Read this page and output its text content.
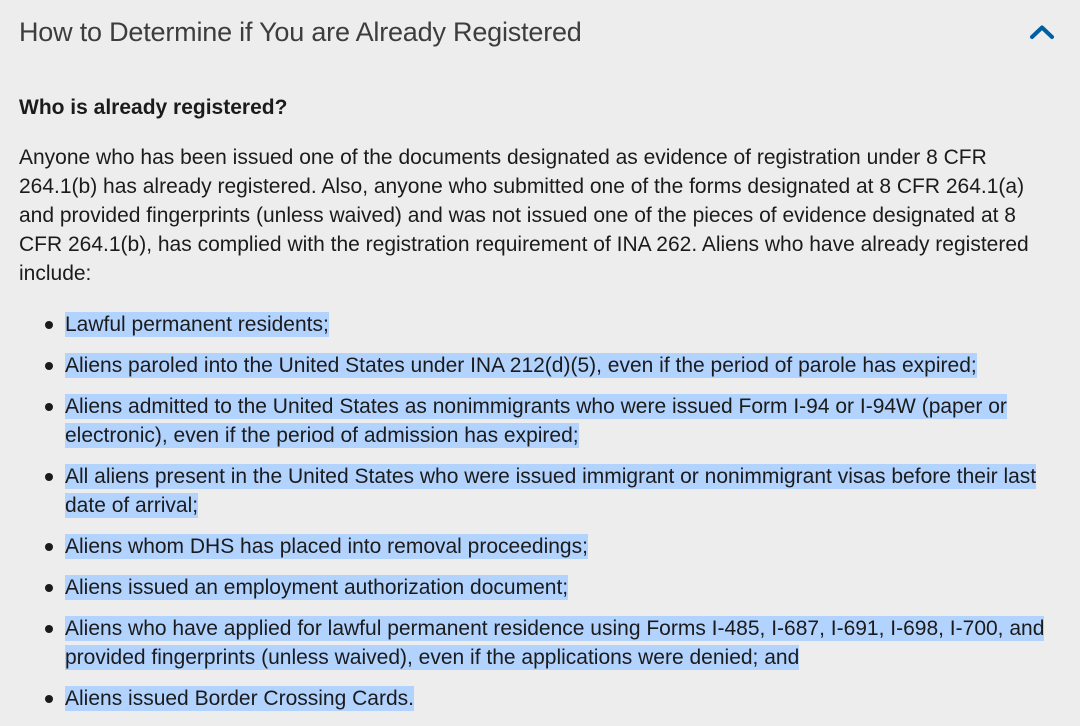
How to Determine if You are Already Registered
Who is already registered?

Anyone who has been issued one of the documents designated as evidence of registration under 8 CFR 264.1(b) has already registered. Also, anyone who submitted one of the forms designated at 8 CFR 264.1(a) and provided fingerprints (unless waived) and was not issued one of the pieces of evidence designated at 8 CFR 264.1(b), has complied with the registration requirement of INA 262. Aliens who have already registered include:

Lawful permanent residents;
Aliens paroled into the United States under INA 212(d)(5), even if the period of parole has expired;
Aliens admitted to the United States as nonimmigrants who were issued Form I-94 or I-94W (paper or electronic), even if the period of admission has expired;
All aliens present in the United States who were issued immigrant or nonimmigrant visas before their last date of arrival;
Aliens whom DHS has placed into removal proceedings;
Aliens issued an employment authorization document;
Aliens who have applied for lawful permanent residence using Forms I-485, I-687, I-691, I-698, I-700, and provided fingerprints (unless waived), even if the applications were denied; and
Aliens issued Border Crossing Cards.
